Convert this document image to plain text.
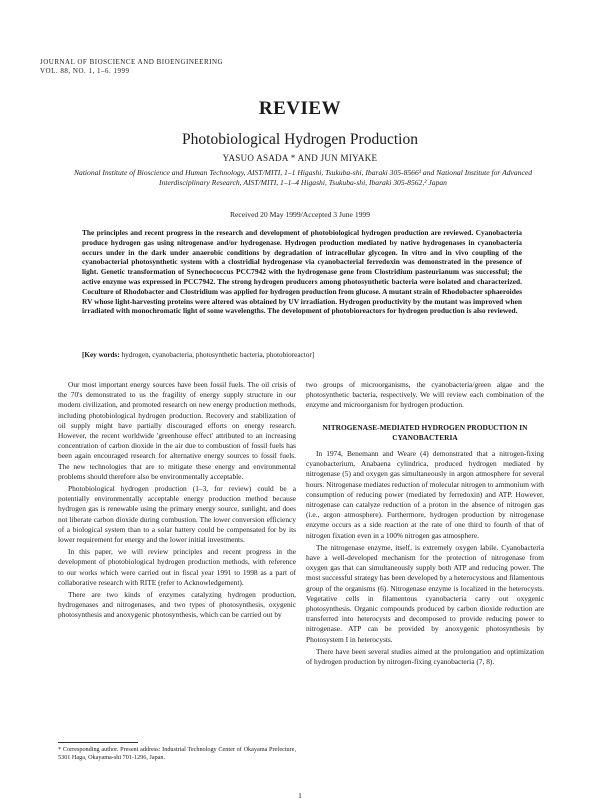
JOURNAL OF BIOSCIENCE AND BIOENGINEERING
VOL. 88, NO. 1, 1–6. 1999
REVIEW
Photobiological Hydrogen Production
YASUO ASADA * AND JUN MIYAKE
National Institute of Bioscience and Human Technology, AIST/MITI, 1–1 Higashi, Tsukuba-shi, Ibaraki 305-8566¹ and National Institute for Advanced Interdisciplinary Research, AIST/MITI, 1–1–4 Higashi, Tsukuba-shi, Ibaraki 305-8562,² Japan
Received 20 May 1999/Accepted 3 June 1999
The principles and recent progress in the research and development of photobiological hydrogen production are reviewed. Cyanobacteria produce hydrogen gas using nitrogenase and/or hydrogenase. Hydrogen production mediated by native hydrogenases in cyanobacteria occurs under in the dark under anaerobic conditions by degradation of intracellular glycogen. In vitro and in vivo coupling of the cyanobacterial photosynthetic system with a clostridial hydrogenase via cyanobacterial ferredoxin was demonstrated in the presence of light. Genetic transformation of Synechococcus PCC7942 with the hydrogenase gene from Clostridium pasteurianum was successful; the active enzyme was expressed in PCC7942. The strong hydrogen producers among photosynthetic bacteria were isolated and characterized. Coculture of Rhodobacter and Clostridium was applied for hydrogen production from glucose. A mutant strain of Rhodobacter sphaeroides RV whose light-harvesting proteins were altered was obtained by UV irradiation. Hydrogen productivity by the mutant was improved when irradiated with monochromatic light of some wavelengths. The development of photobioreactors for hydrogen production is also reviewed.
[Key words: hydrogen, cyanobacteria, photosynthetic bacteria, photobioreactor]

Our most important energy sources have been fossil fuels. The oil crisis of the 70's demonstrated to us the fragility of energy supply structure in our modern civilization, and promoted research on new energy production methods, including photobiological hydrogen production. Recovery and stabilization of oil supply might have partially discouraged efforts on energy research. However, the recent worldwide 'greenhouse effect' attributed to an increasing concentration of carbon dioxide in the air due to combustion of fossil fuels has been again encouraged research for alternative energy sources to fossil fuels. The new technologies that are to mitigate these energy and environmental problems should therefore also be environmentally acceptable.

Photobiological hydrogen production (1–3, for review) could be a potentially environmentally acceptable energy production method because hydrogen gas is renewable using the primary energy source, sunlight, and does not liberate carbon dioxide during combustion. The lower conversion efficiency of a biological system than to a solar battery could be compensated for by its lower requirement for energy and the lower initial investments.

In this paper, we will review principles and recent progress in the development of photobiological hydrogen production methods, with reference to our works which were carried out in fiscal year 1991 to 1998 as a part of collaborative research with RITE (refer to Acknowledgement).

There are two kinds of enzymes catalyzing hydrogen production, hydrogenases and nitrogenases, and two types of photosynthesis, oxygenic photosynthesis and anoxygenic photosynthesis, which can be carried out by

two groups of microorganisms, the cyanobacteria/green algae and the photosynthetic bacteria, respectively. We will review each combination of the enzyme and microorganism for hydrogen production.

NITROGENASE-MEDIATED HYDROGEN PRODUCTION IN CYANOBACTERIA

In 1974, Benemann and Weare (4) demonstrated that a nitrogen-fixing cyanobacterium, Anabaena cylindrica, produced hydrogen mediated by nitrogenase (5) and oxygen gas simultaneously in argon atmosphere for several hours. Nitrogenase mediates reduction of molecular nitrogen to ammonium with consumption of reducing power (mediated by ferredoxin) and ATP. However, nitrogenase can catalyze reduction of a proton in the absence of nitrogen gas (i.e., argon atmosphere). Furthermore, hydrogen production by nitrogenase enzyme occurs as a side reaction at the rate of one third to fourth of that of nitrogen fixation even in a 100% nitrogen gas atmosphere.

The nitrogenase enzyme, itself, is extremely oxygen labile. Cyanobacteria have a well-developed mechanism for the protection of nitrogenase from oxygen gas that can simultaneously supply both ATP and reducing power. The most successful strategy has been developed by a heterocystous and filamentous group of the organisms (6). Nitrogenase enzyme is localized in the heterocysts. Vegetative cells in filamentous cyanobacteria carry out oxygenic photosynthesis. Organic compounds produced by carbon dioxide reduction are transferred into heterocysts and decomposed to provide reducing power to nitrogenase. ATP can be provided by anoxygenic photosynthesis by Photosystem I in heterocysts.

There have been several studies aimed at the prolongation and optimization of hydrogen production by nitrogen-fixing cyanobacteria (7, 8).

* Corresponding author. Present address: Industrial Technology Center of Okayama Prefecture, 5301 Haga, Okayama-shi 701-1296, Japan.
1
